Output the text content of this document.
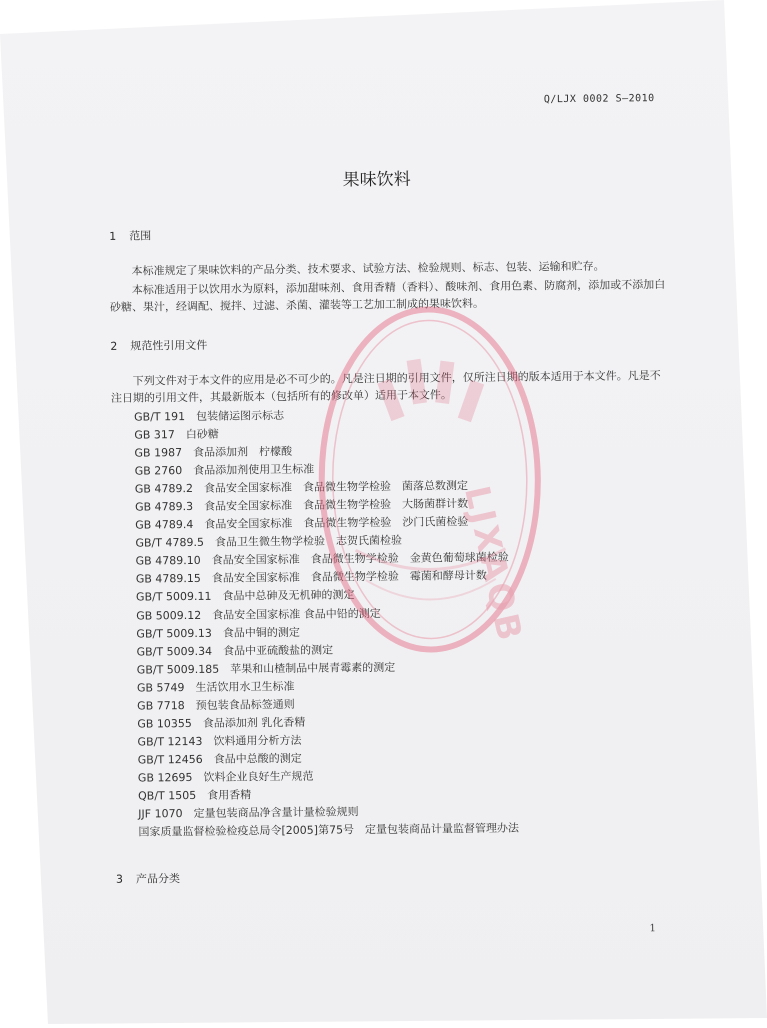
Q/LJX 0002 S—2010
果味饮料
1 范围
本标准规定了果味饮料的产品分类、技术要求、试验方法、检验规则、标志、包装、运输和贮存。
本标准适用于以饮用水为原料，添加甜味剂、食用香精（香料）、酸味剂、食用色素、防腐剂，添加或不添加白砂糖、果汁，经调配、搅拌、过滤、杀菌、灌装等工艺加工制成的果味饮料。
2 规范性引用文件
下列文件对于本文件的应用是必不可少的。凡是注日期的引用文件，仅所注日期的版本适用于本文件。凡是不注日期的引用文件，其最新版本（包括所有的修改单）适用于本文件。
GB/T 191　包装储运图示标志
GB 317　白砂糖
GB 1987　食品添加剂　柠檬酸
GB 2760　食品添加剂使用卫生标准
GB 4789.2　食品安全国家标准　食品微生物学检验　菌落总数测定
GB 4789.3　食品安全国家标准　食品微生物学检验　大肠菌群计数
GB 4789.4　食品安全国家标准　食品微生物学检验　沙门氏菌检验
GB/T 4789.5　食品卫生微生物学检验　志贺氏菌检验
GB 4789.10　食品安全国家标准　食品微生物学检验　金黄色葡萄球菌检验
GB 4789.15　食品安全国家标准　食品微生物学检验　霉菌和酵母计数
GB/T 5009.11　食品中总砷及无机砷的测定
GB 5009.12　食品安全国家标准 食品中铅的测定
GB/T 5009.13　食品中铜的测定
GB/T 5009.34　食品中亚硫酸盐的测定
GB/T 5009.185　苹果和山楂制品中展青霉素的测定
GB 5749　生活饮用水卫生标准
GB 7718　预包装食品标签通则
GB 10355　食品添加剂 乳化香精
GB/T 12143　饮料通用分析方法
GB/T 12456　食品中总酸的测定
GB 12695　饮料企业良好生产规范
QB/T 1505　食用香精
JJF 1070　定量包装商品净含量计量检验规则
国家质量监督检验检疫总局令[2005]第75号　定量包装商品计量监督管理办法
3 产品分类
1
LJXAQB
